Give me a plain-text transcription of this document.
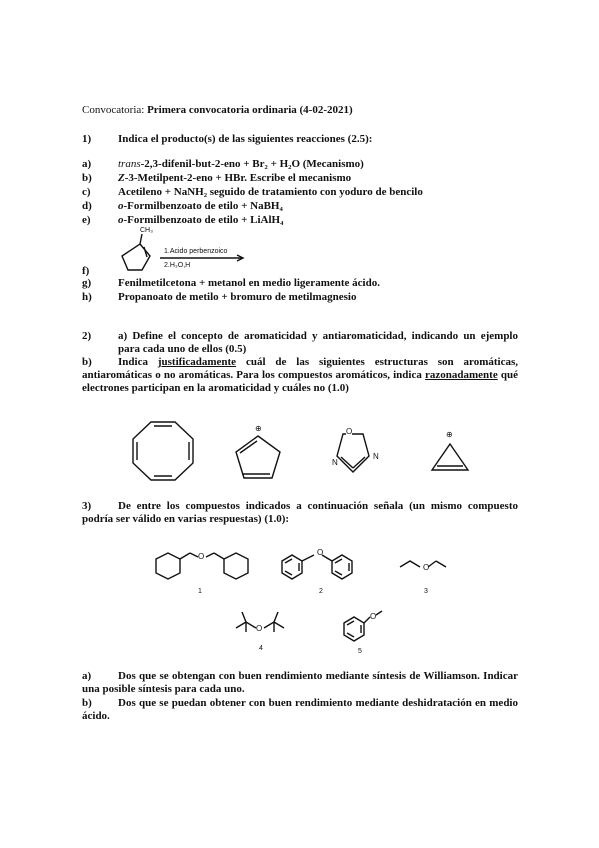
Convocatoria: Primera convocatoria ordinaria (4-02-2021)
1) Indica el producto(s) de las siguientes reacciones (2.5):
a) trans-2,3-difenil-but-2-eno + Br₂ + H₂O (Mecanismo)
b) Z-3-Metilpent-2-eno + HBr. Escribe el mecanismo
c) Acetileno + NaNH₂ seguido de tratamiento con yoduro de bencilo
d) o-Formilbenzoato de etilo + NaBH₄
e) o-Formilbenzoato de etilo + LiAlH₄
CH₃
1.Acido perbenzoico
2.H₃O,H
f)
g) Fenilmetilcetona + metanol en medio ligeramente ácido.
h) Propanoato de metilo + bromuro de metilmagnesio
2) a) Define el concepto de aromaticidad y antiaromaticidad, indicando un ejemplo para cada uno de ellos (0.5)
b)	Indica justificadamente cuál de las siguientes estructuras son aromáticas, antiaromáticas o no aromáticas. Para los compuestos aromáticos, indica razonadamente qué electrones participan en la aromaticidad y cuáles no (1.0)
⊕	O
N
N
⊕
3)	De entre los compuestos indicados a continuación señala (un mismo compuesto podría ser válido en varias respuestas) (1.0):
O
1
O
2
O
3
O
4
O
5
a)	Dos que se obtengan con buen rendimiento mediante síntesis de Williamson. Indicar una posible síntesis para cada uno.
b)	Dos que se puedan obtener con buen rendimiento mediante deshidratación en medio ácido.
